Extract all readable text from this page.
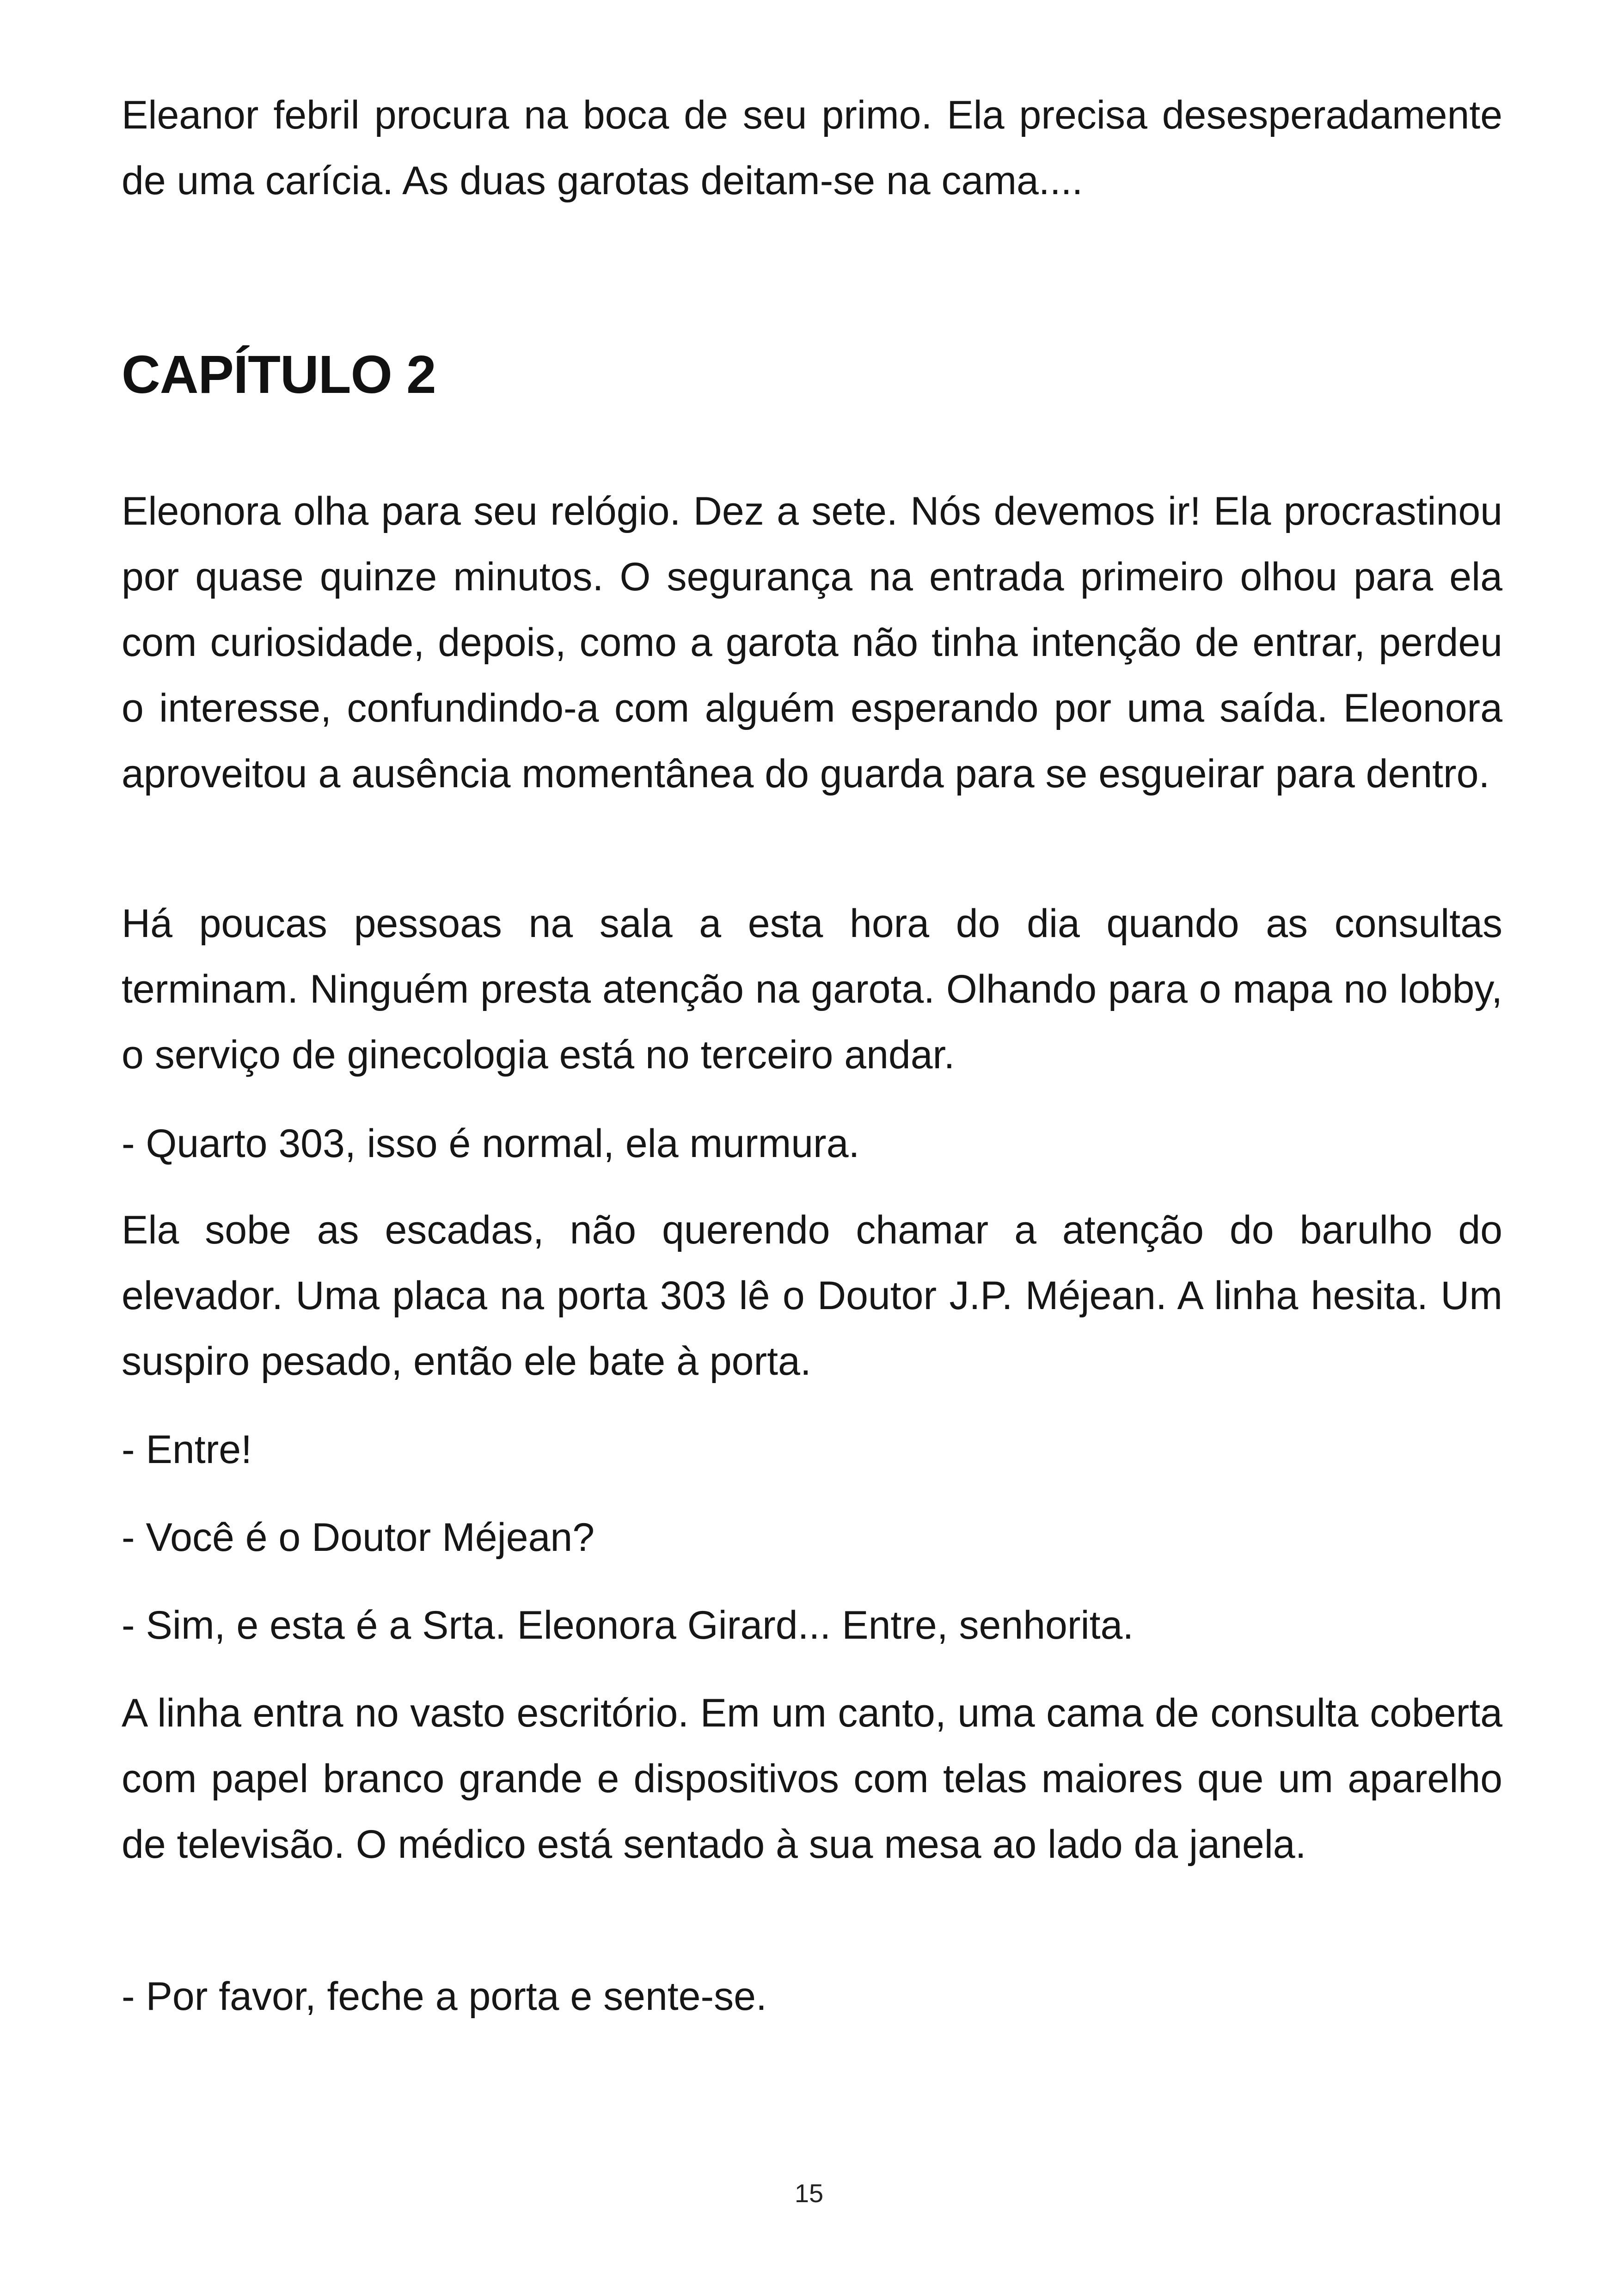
Eleanor febril procura na boca de seu primo. Ela precisa desesperadamente de uma carícia. As duas garotas deitam-se na cama....

CAPÍTULO 2

Eleonora olha para seu relógio. Dez a sete. Nós devemos ir! Ela procrastinou por quase quinze minutos. O segurança na entrada primeiro olhou para ela com curiosidade, depois, como a garota não tinha intenção de entrar, perdeu o interesse, confundindo-a com alguém esperando por uma saída. Eleonora aproveitou a ausência momentânea do guarda para se esgueirar para dentro.

Há poucas pessoas na sala a esta hora do dia quando as consultas terminam. Ninguém presta atenção na garota. Olhando para o mapa no lobby, o serviço de ginecologia está no terceiro andar.

- Quarto 303, isso é normal, ela murmura.

Ela sobe as escadas, não querendo chamar a atenção do barulho do elevador. Uma placa na porta 303 lê o Doutor J.P. Méjean. A linha hesita. Um suspiro pesado, então ele bate à porta.

- Entre!

- Você é o Doutor Méjean?

- Sim, e esta é a Srta. Eleonora Girard... Entre, senhorita.

A linha entra no vasto escritório. Em um canto, uma cama de consulta coberta com papel branco grande e dispositivos com telas maiores que um aparelho de televisão. O médico está sentado à sua mesa ao lado da janela.

- Por favor, feche a porta e sente-se.

15
